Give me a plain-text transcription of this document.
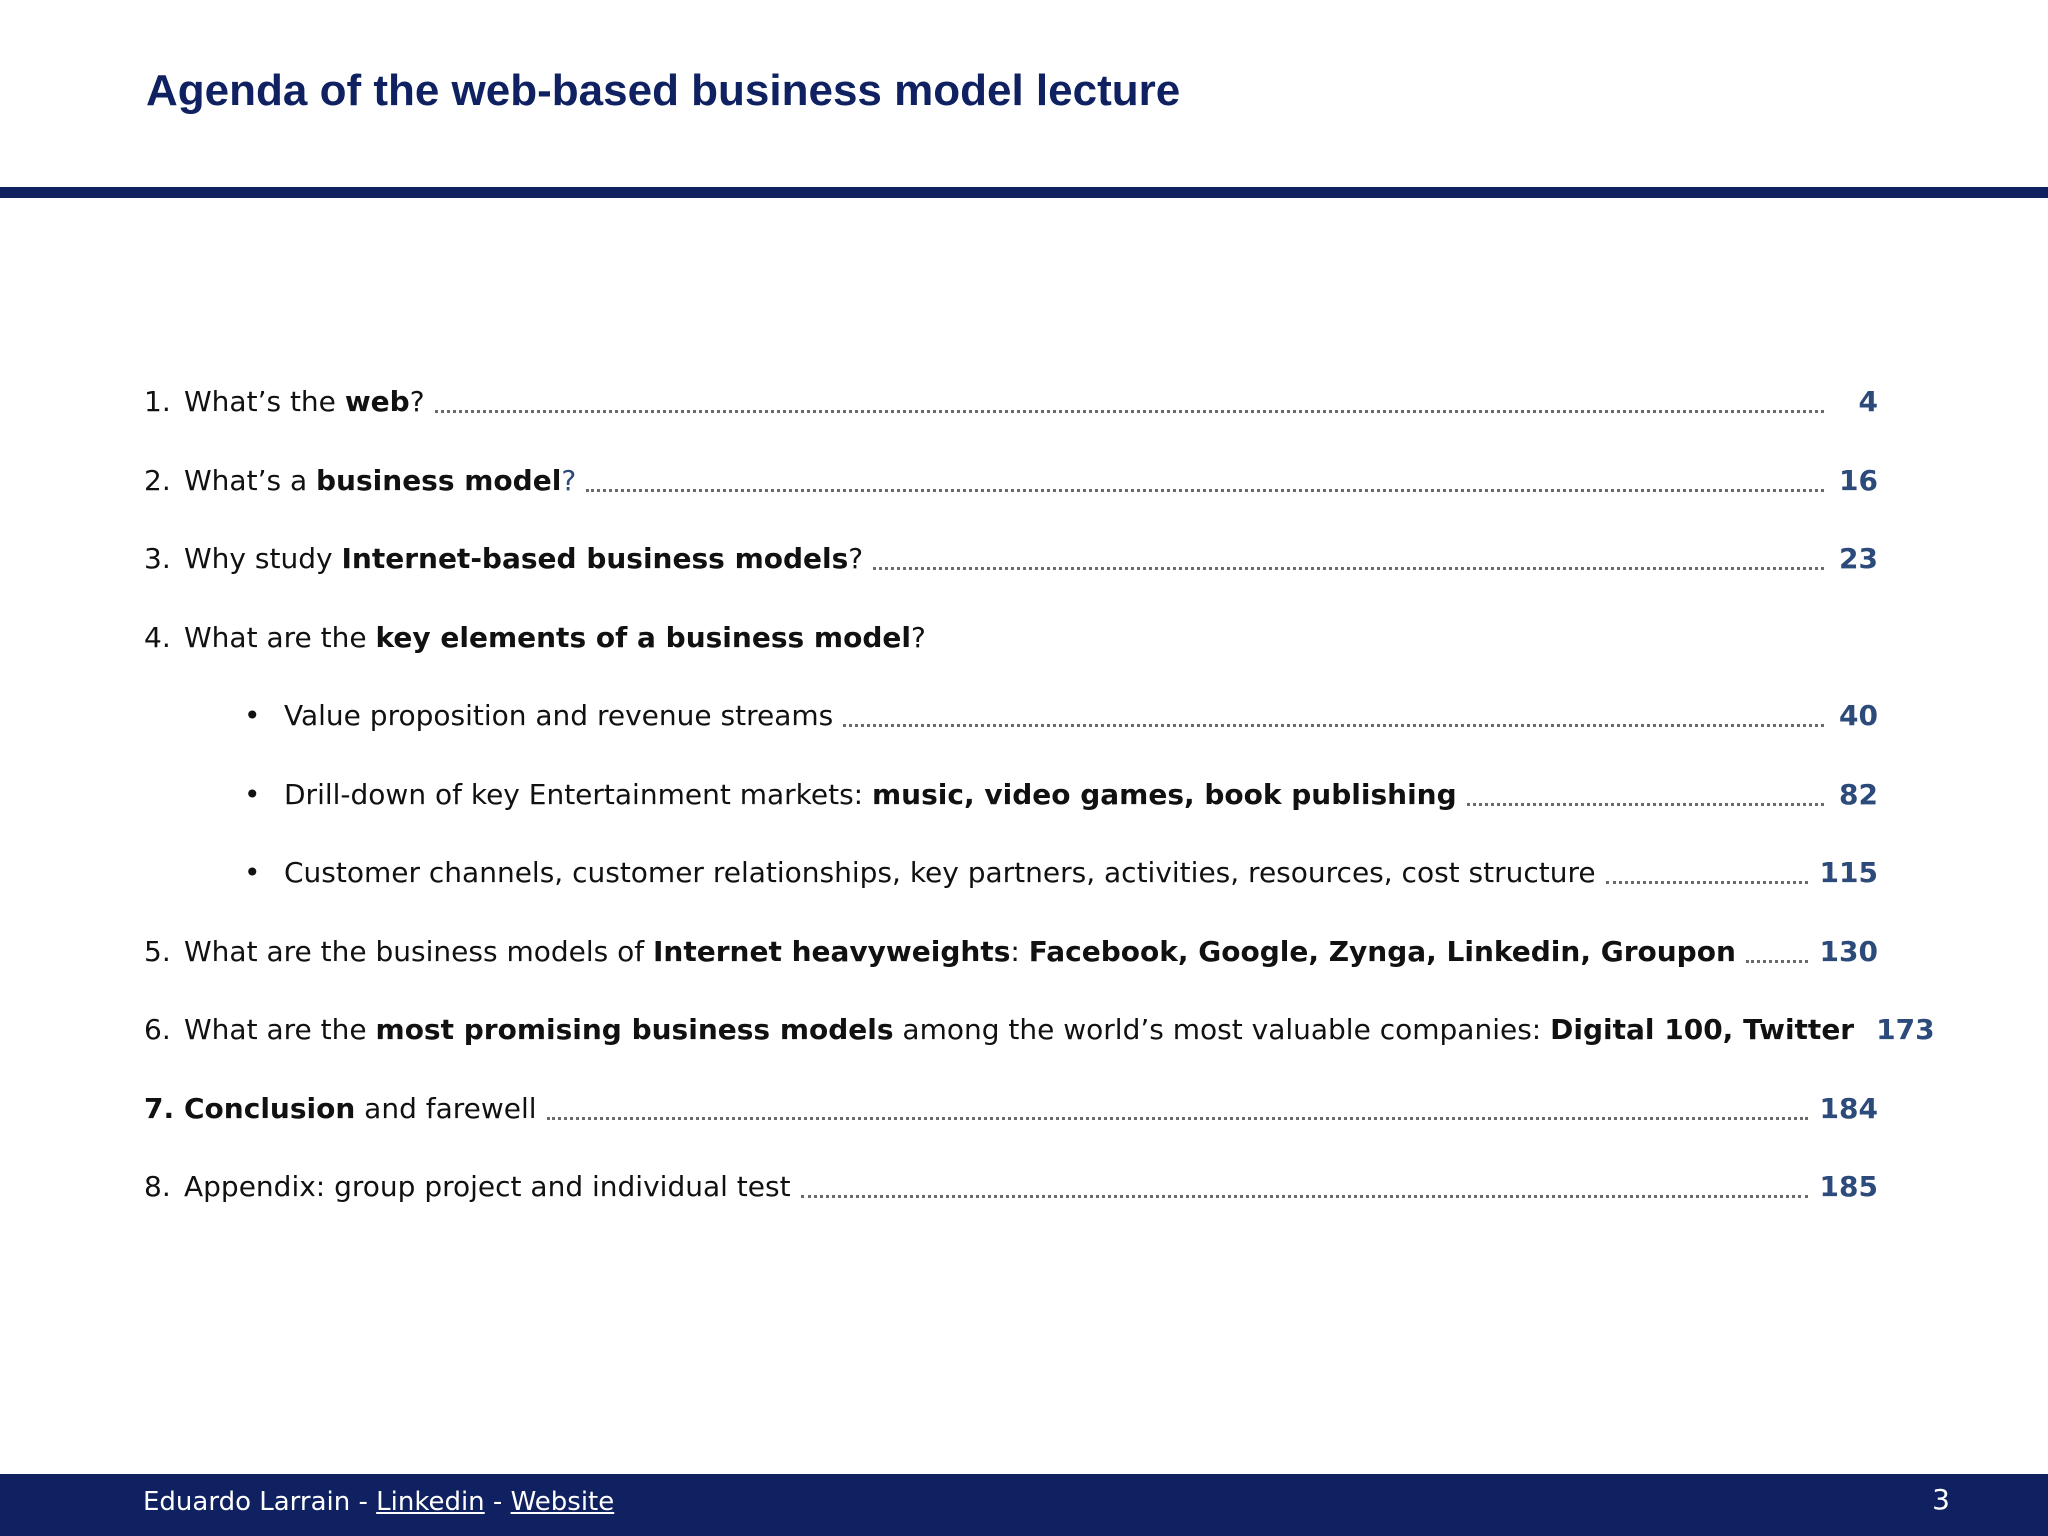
Agenda of the web-based business model lecture
1. What’s the web?	4
2. What’s a business model?	16
3. Why study Internet-based business models?	23
4. What are the key elements of a business model?
• Value proposition and revenue streams	40
• Drill-down of key Entertainment markets: music, video games, book publishing	82
• Customer channels, customer relationships, key partners, activities, resources, cost structure	115
5. What are the business models of Internet heavyweights: Facebook, Google, Zynga, Linkedin, Groupon	130
6. What are the most promising business models among the world’s most valuable companies: Digital 100, Twitter 173
7. Conclusion and farewell	184
8. Appendix: group project and individual test	185
Eduardo Larrain - Linkedin - Website	3
